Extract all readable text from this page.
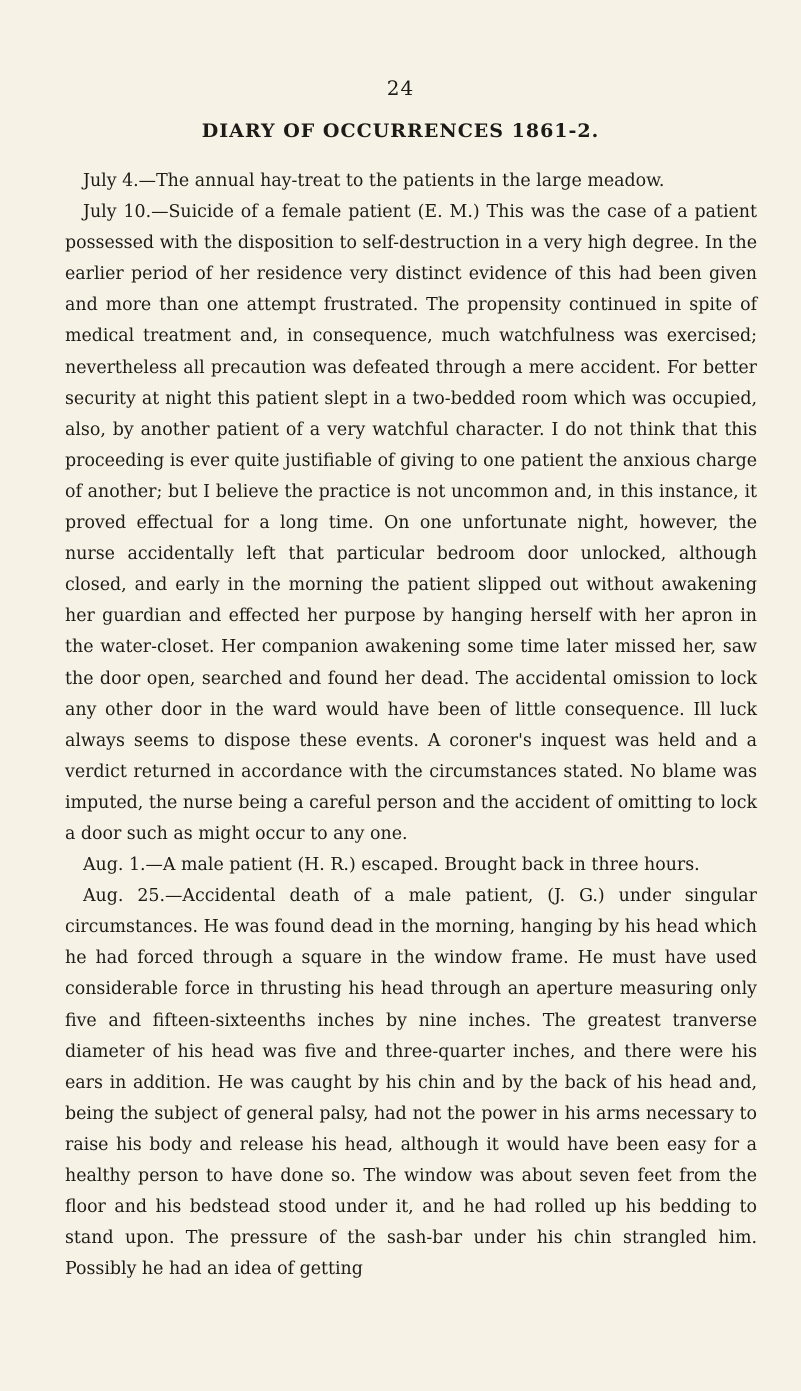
24
DIARY OF OCCURRENCES 1861-2.

July 4.—The annual hay-treat to the patients in the large meadow.

July 10.—Suicide of a female patient (E. M.) This was the case of a patient possessed with the disposition to self-destruction in a very high degree. In the earlier period of her residence very distinct evidence of this had been given and more than one attempt frustrated. The propensity continued in spite of medical treatment and, in consequence, much watchfulness was exercised; nevertheless all precaution was defeated through a mere accident. For better security at night this patient slept in a two-bedded room which was occupied, also, by another patient of a very watchful character. I do not think that this proceeding is ever quite justifiable of giving to one patient the anxious charge of another; but I believe the practice is not uncommon and, in this instance, it proved effectual for a long time. On one unfortunate night, however, the nurse accidentally left that particular bedroom door unlocked, although closed, and early in the morning the patient slipped out without awakening her guardian and effected her purpose by hanging herself with her apron in the water-closet. Her companion awakening some time later missed her, saw the door open, searched and found her dead. The accidental omission to lock any other door in the ward would have been of little consequence. Ill luck always seems to dispose these events. A coroner's inquest was held and a verdict returned in accordance with the circumstances stated. No blame was imputed, the nurse being a careful person and the accident of omitting to lock a door such as might occur to any one.

Aug. 1.—A male patient (H. R.) escaped. Brought back in three hours.

Aug. 25.—Accidental death of a male patient, (J. G.) under singular circumstances. He was found dead in the morning, hanging by his head which he had forced through a square in the window frame. He must have used considerable force in thrusting his head through an aperture measuring only five and fifteen-sixteenths inches by nine inches. The greatest tranverse diameter of his head was five and three-quarter inches, and there were his ears in addition. He was caught by his chin and by the back of his head and, being the subject of general palsy, had not the power in his arms necessary to raise his body and release his head, although it would have been easy for a healthy person to have done so. The window was about seven feet from the floor and his bedstead stood under it, and he had rolled up his bedding to stand upon. The pressure of the sash-bar under his chin strangled him. Possibly he had an idea of getting
